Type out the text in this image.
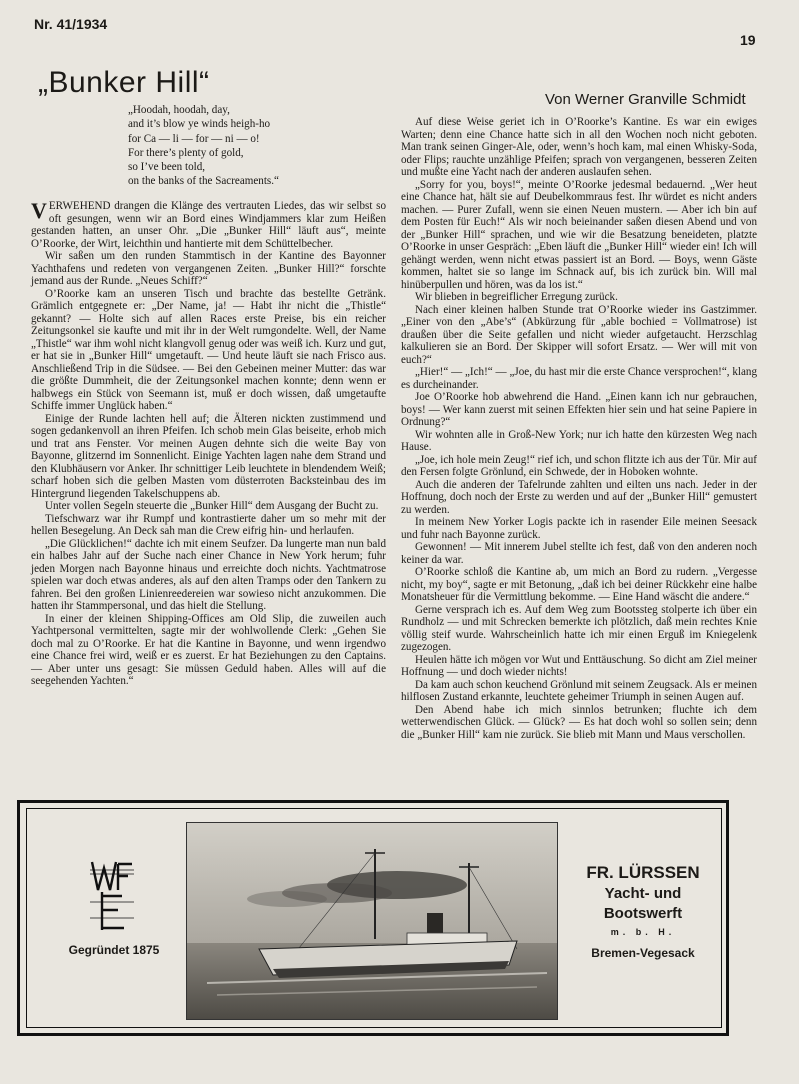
Nr. 41/1934
19
„Bunker Hill“
Von Werner Granville Schmidt
„Hoodah, hoodah, day,
and it’s blow ye winds heigh-ho
for Ca — li — for — ni — o!
For there’s plenty of gold,
so I’ve been told,
on the banks of the Sacreaments.“

VERWEHEND drangen die Klänge des vertrauten Liedes, das wir selbst so oft gesungen, wenn wir an Bord eines Windjammers klar zum Heißen gestanden hatten, an unser Ohr. „Die „Bunker Hill“ läuft aus“, meinte O’Roorke, der Wirt, leichthin und hantierte mit dem Schüttelbecher.

Wir saßen um den runden Stammtisch in der Kantine des Bayonner Yachthafens und redeten von vergangenen Zeiten. „Bunker Hill?“ forschte jemand aus der Runde. „Neues Schiff?“

O’Roorke kam an unseren Tisch und brachte das bestellte Getränk. Grämlich entgegnete er: „Der Name, ja! — Habt ihr nicht die „Thistle“ gekannt? — Holte sich auf allen Races erste Preise, bis ein reicher Zeitungsonkel sie kaufte und mit ihr in der Welt rumgondelte. Well, der Name „Thistle“ war ihm wohl nicht klangvoll genug oder was weiß ich. Kurz und gut, er hat sie in „Bunker Hill“ umgetauft. — Und heute läuft sie nach Frisco aus. Anschließend Trip in die Südsee. — Bei den Gebeinen meiner Mutter: das war die größte Dummheit, die der Zeitungsonkel machen konnte; denn wenn er halbwegs ein Stück von Seemann ist, muß er doch wissen, daß umgetaufte Schiffe immer Unglück haben.“

Einige der Runde lachten hell auf; die Älteren nickten zustimmend und sogen gedankenvoll an ihren Pfeifen. Ich schob mein Glas beiseite, erhob mich und trat ans Fenster. Vor meinen Augen dehnte sich die weite Bay von Bayonne, glitzernd im Sonnenlicht. Einige Yachten lagen nahe dem Strand und den Klubhäusern vor Anker. Ihr schnittiger Leib leuchtete in blendendem Weiß; scharf hoben sich die gelben Masten vom düsterroten Backsteinbau des im Hintergrund liegenden Takelschuppens ab.

Unter vollen Segeln steuerte die „Bunker Hill“ dem Ausgang der Bucht zu.

Tiefschwarz war ihr Rumpf und kontrastierte daher um so mehr mit der hellen Besegelung. An Deck sah man die Crew eifrig hin- und herlaufen.

„Die Glücklichen!“ dachte ich mit einem Seufzer. Da lungerte man nun bald ein halbes Jahr auf der Suche nach einer Chance in New York herum; fuhr jeden Morgen nach Bayonne hinaus und erreichte doch nichts. Yachtmatrose spielen war doch etwas anderes, als auf den alten Tramps oder den Tankern zu fahren. Bei den großen Linienreedereien war sowieso nicht anzukommen. Die hatten ihr Stammpersonal, und das hielt die Stellung.

In einer der kleinen Shipping-Offices am Old Slip, die zuweilen auch Yachtpersonal vermittelten, sagte mir der wohlwollende Clerk: „Gehen Sie doch mal zu O’Roorke. Er hat die Kantine in Bayonne, und wenn irgendwo eine Chance frei wird, weiß er es zuerst. Er hat Beziehungen zu den Captains. — Aber unter uns gesagt: Sie müssen Geduld haben. Alles will auf die seegehenden Yachten.“

Auf diese Weise geriet ich in O’Roorke’s Kantine. Es war ein ewiges Warten; denn eine Chance hatte sich in all den Wochen noch nicht geboten. Man trank seinen Ginger-Ale, oder, wenn’s hoch kam, mal einen Whisky-Soda, oder Flips; rauchte unzählige Pfeifen; sprach von vergangenen, besseren Zeiten und mußte eine Yacht nach der anderen auslaufen sehen.

„Sorry for you, boys!“, meinte O’Roorke jedesmal bedauernd. „Wer heut eine Chance hat, hält sie auf Deubelkommraus fest. Ihr würdet es nicht anders machen. — Purer Zufall, wenn sie einen Neuen mustern. — Aber ich bin auf dem Posten für Euch!“ Als wir noch beieinander saßen diesen Abend und von der „Bunker Hill“ sprachen, und wie wir die Besatzung beneideten, platzte O’Roorke in unser Gespräch: „Eben läuft die „Bunker Hill“ wieder ein! Ich will gehängt werden, wenn nicht etwas passiert ist an Bord. — Boys, wenn Gäste kommen, haltet sie so lange im Schnack auf, bis ich zurück bin. Will mal hinüberpullen und hören, was da los ist.“

Wir blieben in begreiflicher Erregung zurück.

Nach einer kleinen halben Stunde trat O’Roorke wieder ins Gastzimmer. „Einer von den „Abe’s“ (Abkürzung für „able bochied = Vollmatrose) ist draußen über die Seite gefallen und nicht wieder aufgetaucht. Herzschlag kalkulieren sie an Bord. Der Skipper will sofort Ersatz. — Wer will mit von euch?“

„Hier!“ — „Ich!“ — „Joe, du hast mir die erste Chance versprochen!“, klang es durcheinander.

Joe O’Roorke hob abwehrend die Hand. „Einen kann ich nur gebrauchen, boys! — Wer kann zuerst mit seinen Effekten hier sein und hat seine Papiere in Ordnung?“

Wir wohnten alle in Groß-New York; nur ich hatte den kürzesten Weg nach Hause.

„Joe, ich hole mein Zeug!“ rief ich, und schon flitzte ich aus der Tür. Mir auf den Fersen folgte Grönlund, ein Schwede, der in Hoboken wohnte.

Auch die anderen der Tafelrunde zahlten und eilten uns nach. Jeder in der Hoffnung, doch noch der Erste zu werden und auf der „Bunker Hill“ gemustert zu werden.

In meinem New Yorker Logis packte ich in rasender Eile meinen Seesack und fuhr nach Bayonne zurück.

Gewonnen! — Mit innerem Jubel stellte ich fest, daß von den anderen noch keiner da war.

O’Roorke schloß die Kantine ab, um mich an Bord zu rudern. „Vergesse nicht, my boy“, sagte er mit Betonung, „daß ich bei deiner Rückkehr eine halbe Monatsheuer für die Vermittlung bekomme. — Eine Hand wäscht die andere.“

Gerne versprach ich es. Auf dem Weg zum Bootssteg stolperte ich über ein Rundholz — und mit Schrecken bemerkte ich plötzlich, daß mein rechtes Knie völlig steif wurde. Wahrscheinlich hatte ich mir einen Erguß im Kniegelenk zugezogen.

Heulen hätte ich mögen vor Wut und Enttäuschung. So dicht am Ziel meiner Hoffnung — und doch wieder nichts!

Da kam auch schon keuchend Grönlund mit seinem Zeugsack. Als er meinen hilflosen Zustand erkannte, leuchtete geheimer Triumph in seinen Augen auf.

Den Abend habe ich mich sinnlos betrunken; fluchte ich dem wetterwendischen Glück. — Glück? — Es hat doch wohl so sollen sein; denn die „Bunker Hill“ kam nie zurück. Sie blieb mit Mann und Maus verschollen.

Gegründet 1875
FR. LÜRSSEN
Yacht- und
Bootswerft
m. b. H.
Bremen-Vegesack
